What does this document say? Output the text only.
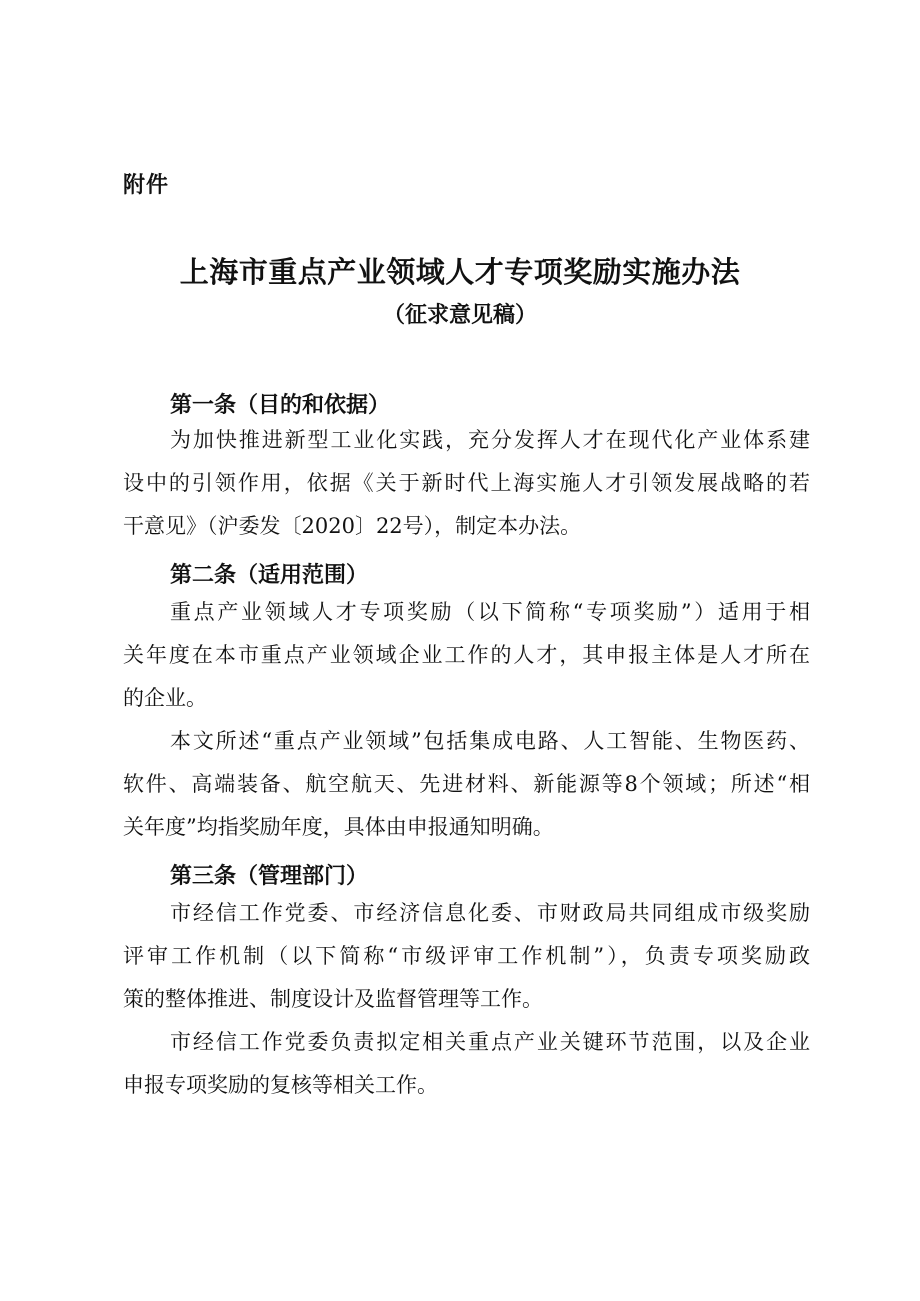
附件
上海市重点产业领域人才专项奖励实施办法
（征求意见稿）
第一条（目的和依据）
为加快推进新型工业化实践，充分发挥人才在现代化产业体系建
设中的引领作用，依据《关于新时代上海实施人才引领发展战略的若
干意见》（沪委发〔2020〕22号），制定本办法。
第二条（适用范围）
重点产业领域人才专项奖励（以下简称“专项奖励”）适用于相
关年度在本市重点产业领域企业工作的人才，其申报主体是人才所在
的企业。
本文所述“重点产业领域”包括集成电路、人工智能、生物医药、
软件、高端装备、航空航天、先进材料、新能源等8个领域；所述“相
关年度”均指奖励年度，具体由申报通知明确。
第三条（管理部门）
市经信工作党委、市经济信息化委、市财政局共同组成市级奖励
评审工作机制（以下简称“市级评审工作机制”），负责专项奖励政
策的整体推进、制度设计及监督管理等工作。
市经信工作党委负责拟定相关重点产业关键环节范围，以及企业
申报专项奖励的复核等相关工作。
